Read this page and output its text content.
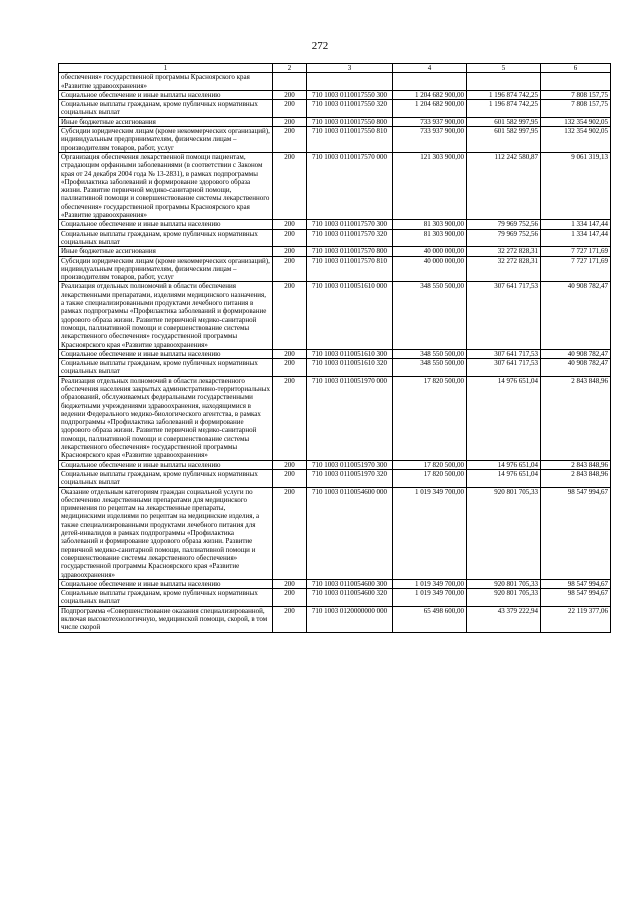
272
1	2	3	4	5	6
обеспечения» государственной программы Красноярского края «Развитие здравоохранения»					
Социальное обеспечение и иные выплаты населению	200	710 1003 0110017550 300	1 204 682 900,00	1 196 874 742,25	7 808 157,75
Социальные выплаты гражданам, кроме публичных нормативных социальных выплат	200	710 1003 0110017550 320	1 204 682 900,00	1 196 874 742,25	7 808 157,75
Иные бюджетные ассигнования	200	710 1003 0110017550 800	733 937 900,00	601 582 997,95	132 354 902,05
Субсидии юридическим лицам (кроме некоммерческих организаций), индивидуальным предпринимателям, физическим лицам – производителям товаров, работ, услуг	200	710 1003 0110017550 810	733 937 900,00	601 582 997,95	132 354 902,05
Организация обеспечения лекарственной помощи пациентам, страдающим орфанными заболеваниями (в соответствии с Законом края от 24 декабря 2004 года № 13-2831), в рамках подпрограммы «Профилактика заболеваний и формирование здорового образа жизни. Развитие первичной медико-санитарной помощи, паллиативной помощи и совершенствование системы лекарственного обеспечения» государственной программы Красноярского края «Развитие здравоохранения»	200	710 1003 0110017570 000	121 303 900,00	112 242 580,87	9 061 319,13
Социальное обеспечение и иные выплаты населению	200	710 1003 0110017570 300	81 303 900,00	79 969 752,56	1 334 147,44
Социальные выплаты гражданам, кроме публичных нормативных социальных выплат	200	710 1003 0110017570 320	81 303 900,00	79 969 752,56	1 334 147,44
Иные бюджетные ассигнования	200	710 1003 0110017570 800	40 000 000,00	32 272 828,31	7 727 171,69
Субсидии юридическим лицам (кроме некоммерческих организаций), индивидуальным предпринимателям, физическим лицам – производителям товаров, работ, услуг	200	710 1003 0110017570 810	40 000 000,00	32 272 828,31	7 727 171,69
Реализация отдельных полномочий в области обеспечения лекарственными препаратами, изделиями медицинского назначения, а также специализированными продуктами лечебного питания в рамках подпрограммы «Профилактика заболеваний и формирование здорового образа жизни. Развитие первичной медико-санитарной помощи, паллиативной помощи и совершенствование системы лекарственного обеспечения» государственной программы Красноярского края «Развитие здравоохранения»	200	710 1003 0110051610 000	348 550 500,00	307 641 717,53	40 908 782,47
Социальное обеспечение и иные выплаты населению	200	710 1003 0110051610 300	348 550 500,00	307 641 717,53	40 908 782,47
Социальные выплаты гражданам, кроме публичных нормативных социальных выплат	200	710 1003 0110051610 320	348 550 500,00	307 641 717,53	40 908 782,47
Реализация отдельных полномочий в области лекарственного обеспечения населения закрытых административно-территориальных образований, обслуживаемых федеральными государственными бюджетными учреждениями здравоохранения, находящимися в ведении Федерального медико-биологического агентства, в рамках подпрограммы «Профилактика заболеваний и формирование здорового образа жизни. Развитие первичной медико-санитарной помощи, паллиативной помощи и совершенствование системы лекарственного обеспечения» государственной программы Красноярского края «Развитие здравоохранения»	200	710 1003 0110051970 000	17 820 500,00	14 976 651,04	2 843 848,96
Социальное обеспечение и иные выплаты населению	200	710 1003 0110051970 300	17 820 500,00	14 976 651,04	2 843 848,96
Социальные выплаты гражданам, кроме публичных нормативных социальных выплат	200	710 1003 0110051970 320	17 820 500,00	14 976 651,04	2 843 848,96
Оказание отдельным категориям граждан социальной услуги по обеспечению лекарственными препаратами для медицинского применения по рецептам на лекарственные препараты, медицинскими изделиями по рецептам на медицинские изделия, а также специализированными продуктами лечебного питания для детей-инвалидов в рамках подпрограммы «Профилактика заболеваний и формирование здорового образа жизни. Развитие первичной медико-санитарной помощи, паллиативной помощи и совершенствование системы лекарственного обеспечения» государственной программы Красноярского края «Развитие здравоохранения»	200	710 1003 0110054600 000	1 019 349 700,00	920 801 705,33	98 547 994,67
Социальное обеспечение и иные выплаты населению	200	710 1003 0110054600 300	1 019 349 700,00	920 801 705,33	98 547 994,67
Социальные выплаты гражданам, кроме публичных нормативных социальных выплат	200	710 1003 0110054600 320	1 019 349 700,00	920 801 705,33	98 547 994,67
Подпрограмма «Совершенствование оказания специализированной, включая высокотехнологичную, медицинской помощи, скорой, в том числе скорой	200	710 1003 0120000000 000	65 498 600,00	43 379 222,94	22 119 377,06
